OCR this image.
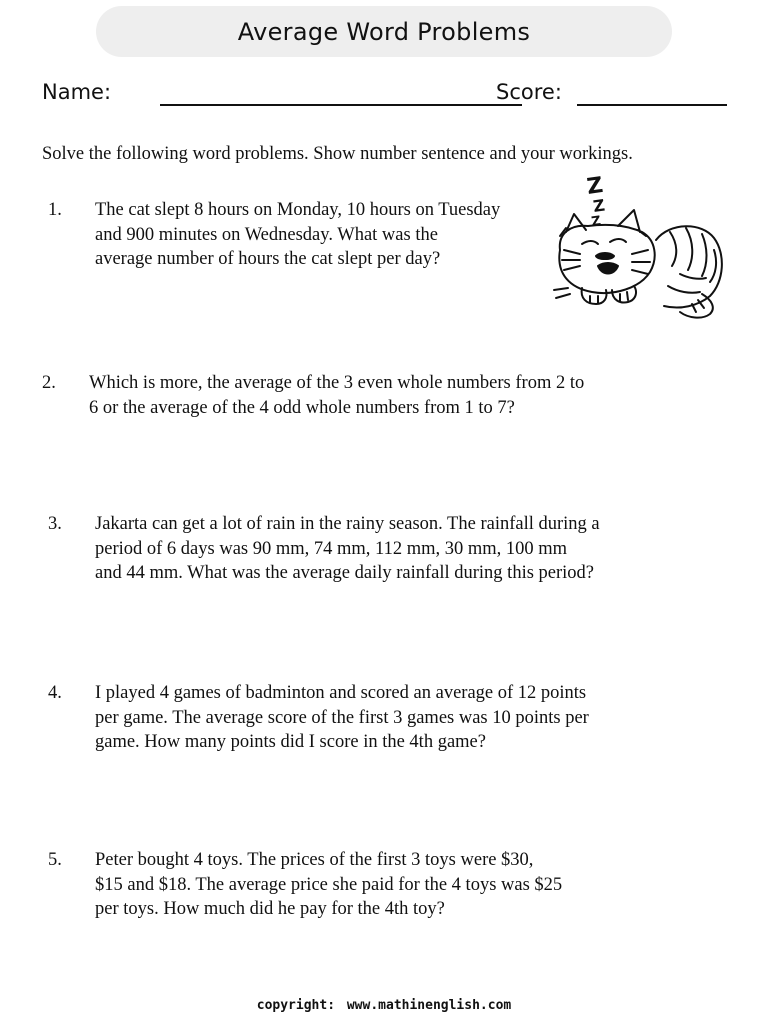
Average Word Problems
Name:	Score:
Solve the following word problems. Show number sentence and your workings.
1. The cat slept 8 hours on Monday, 10 hours on Tuesday
and 900 minutes on Wednesday. What was the
average number of hours the cat slept per day?
Z
Z
Z
2. Which is more, the average of the 3 even whole numbers from 2 to
6 or the average of the 4 odd whole numbers from 1 to 7?
3. Jakarta can get a lot of rain in the rainy season. The rainfall during a
period of 6 days was 90 mm, 74 mm, 112 mm, 30 mm, 100 mm
and 44 mm. What was the average daily rainfall during this period?
4. I played 4 games of badminton and scored an average of 12 points
per game. The average score of the first 3 games was 10 points per
game. How many points did I score in the 4th game?
5. Peter bought 4 toys. The prices of the first 3 toys were $30,
$15 and $18. The average price she paid for the 4 toys was $25
per toys. How much did he pay for the 4th toy?
copyright: www.mathinenglish.com
